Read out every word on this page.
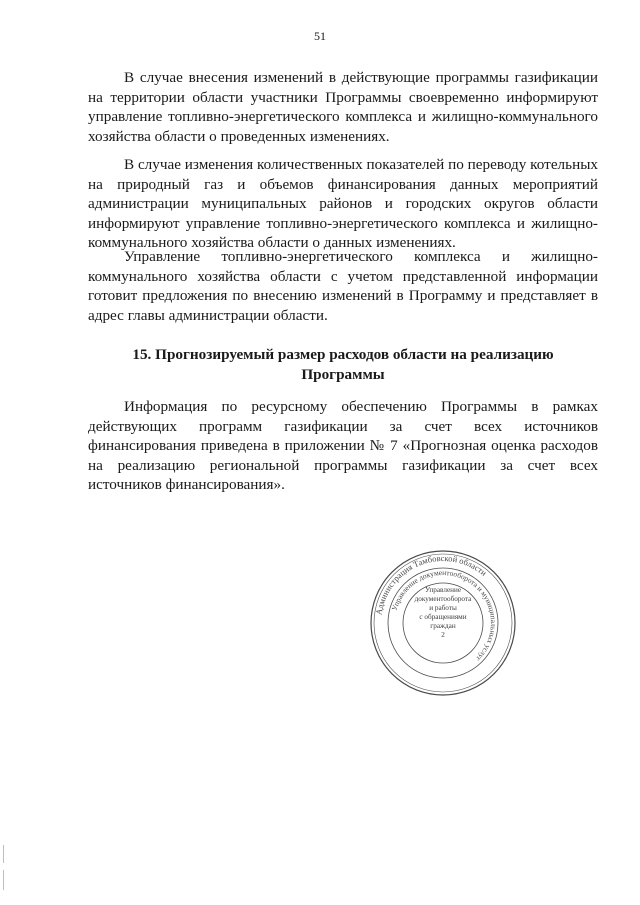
51

В случае внесения изменений в действующие программы газификации на территории области участники Программы своевременно информируют управление топливно-энергетического комплекса и жилищно-коммунального хозяйства области о проведенных изменениях.

В случае изменения количественных показателей по переводу котельных на природный газ и объемов финансирования данных мероприятий администрации муниципальных районов и городских округов области информируют управление топливно-энергетического комплекса и жилищно-коммунального хозяйства области о данных изменениях.

Управление топливно-энергетического комплекса и жилищно-коммунального хозяйства области с учетом представленной информации готовит предложения по внесению изменений в Программу и представляет в адрес главы администрации области.

15. Прогнозируемый размер расходов области на реализацию
Программы

Информация по ресурсному обеспечению Программы в рамках действующих программ газификации за счет всех источников финансирования приведена в приложении № 7 «Прогнозная оценка расходов на реализацию региональной программы газификации за счет всех источников финансирования».

Администрация Тамбовской области
Управление документооборота и муниципальных услуг
Управление
документооборота
и работы
с обращениями
граждан
2
